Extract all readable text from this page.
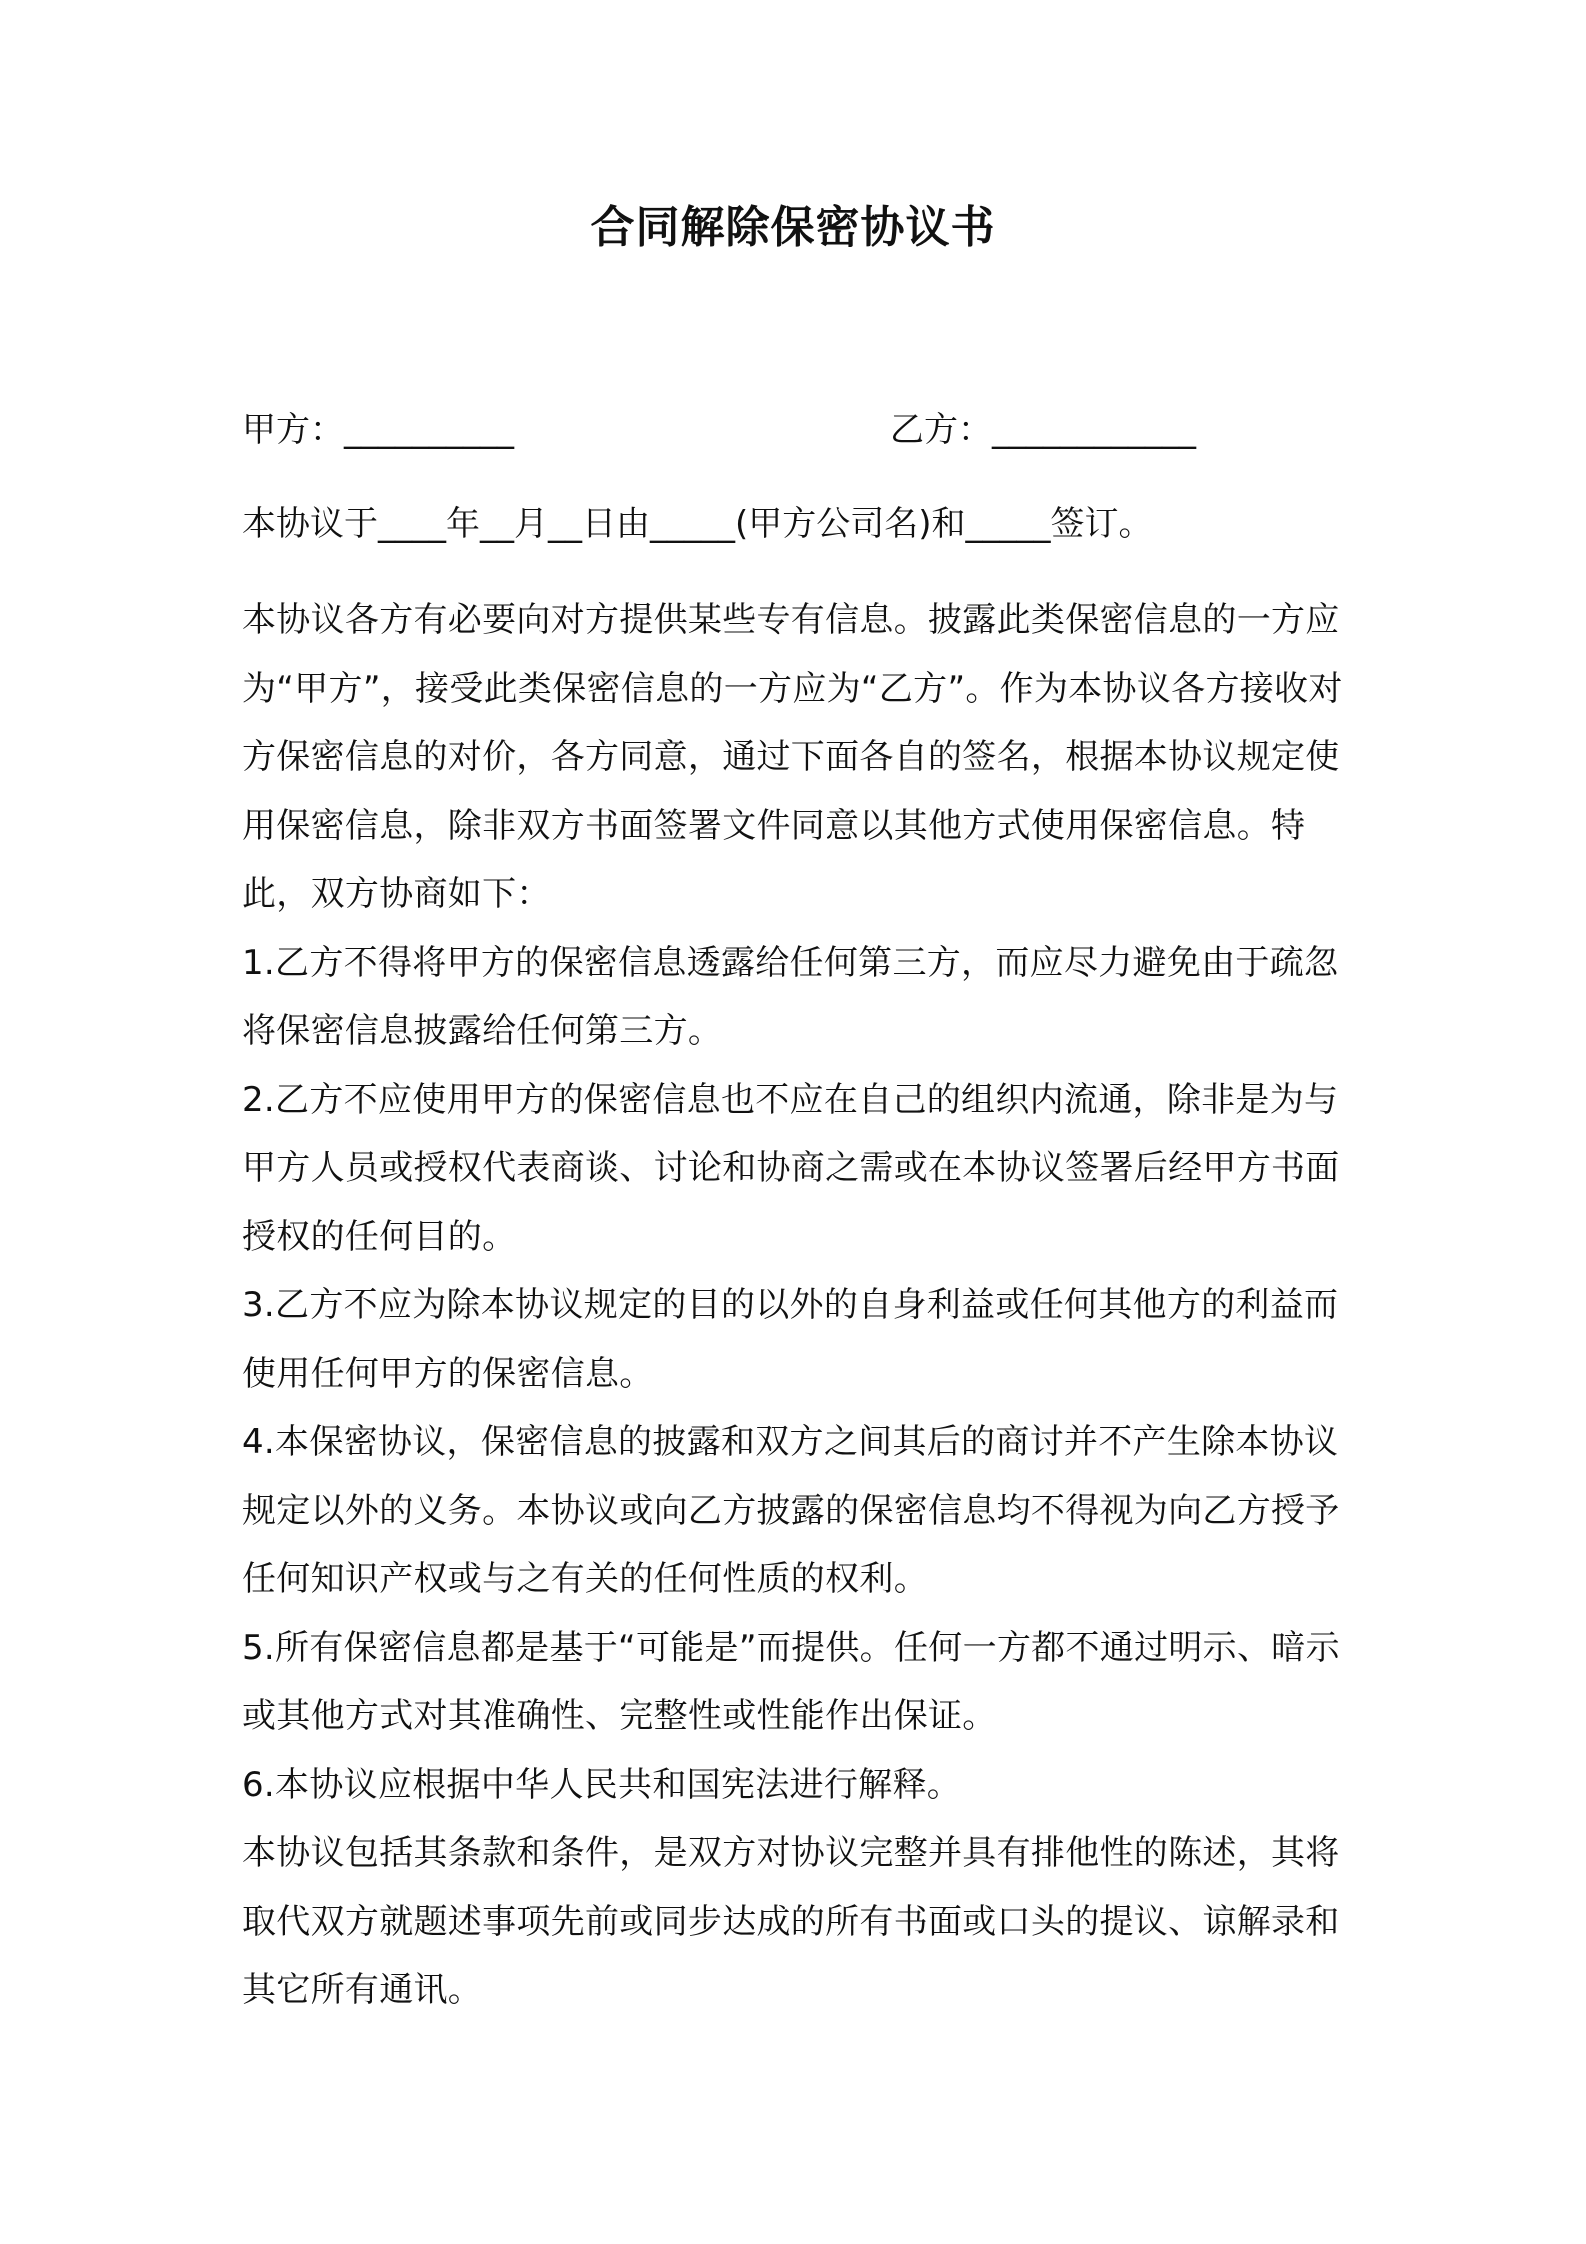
合同解除保密协议书
甲方：__________	乙方：____________

本协议于____年__月__日由_____(甲方公司名)和_____签订。

本协议各方有必要向对方提供某些专有信息。披露此类保密信息的一方应为“甲方”，接受此类保密信息的一方应为“乙方”。作为本协议各方接收对方保密信息的对价，各方同意，通过下面各自的签名，根据本协议规定使用保密信息，除非双方书面签署文件同意以其他方式使用保密信息。特此，双方协商如下：

1.乙方不得将甲方的保密信息透露给任何第三方，而应尽力避免由于疏忽将保密信息披露给任何第三方。

2.乙方不应使用甲方的保密信息也不应在自己的组织内流通，除非是为与甲方人员或授权代表商谈、讨论和协商之需或在本协议签署后经甲方书面授权的任何目的。

3.乙方不应为除本协议规定的目的以外的自身利益或任何其他方的利益而使用任何甲方的保密信息。

4.本保密协议，保密信息的披露和双方之间其后的商讨并不产生除本协议规定以外的义务。本协议或向乙方披露的保密信息均不得视为向乙方授予任何知识产权或与之有关的任何性质的权利。

5.所有保密信息都是基于“可能是”而提供。任何一方都不通过明示、暗示或其他方式对其准确性、完整性或性能作出保证。

6.本协议应根据中华人民共和国宪法进行解释。

本协议包括其条款和条件，是双方对协议完整并具有排他性的陈述，其将取代双方就题述事项先前或同步达成的所有书面或口头的提议、谅解录和其它所有通讯。
